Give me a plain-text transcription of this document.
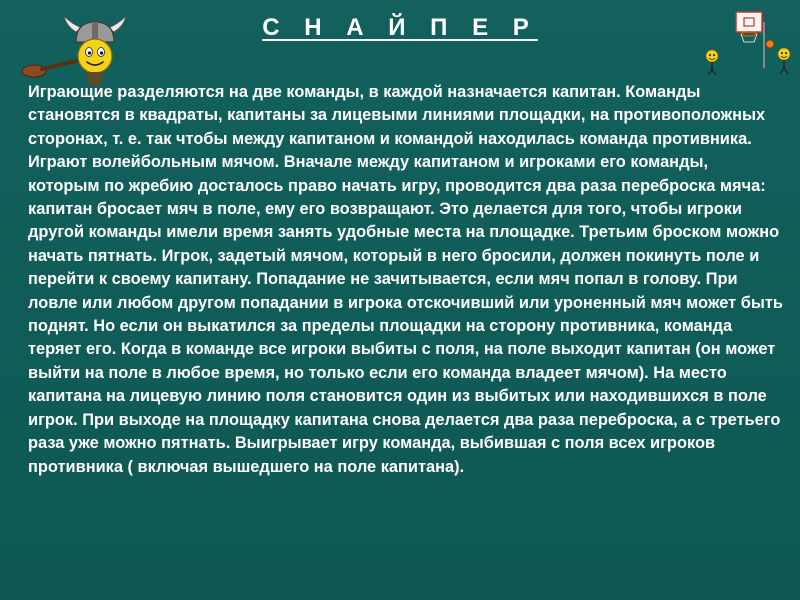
С Н А Й П Е Р

Играющие разделяются на две команды, в каждой назначается капитан. Команды становятся в квадраты, капитаны за лицевыми линиями площадки, на противоположных сторонах, т. е. так чтобы между капитаном и командой находилась команда противника. Играют волейбольным мячом. Вначале между капитаном и игроками его команды, которым по жребию досталось право начать игру, проводится два раза переброска мяча: капитан бросает мяч в поле, ему его возвращают. Это делается для того, чтобы игроки другой команды имели время занять удобные места на площадке. Третьим броском можно начать пятнать. Игрок, задетый мячом, который в него бросили, должен покинуть поле и перейти к своему капитану. Попадание не зачитывается, если мяч попал в голову. При ловле или любом другом попадании в игрока отскочивший или уроненный мяч может быть поднят. Но если он выкатился за пределы площадки на сторону противника, команда теряет его. Когда в команде все игроки выбиты с поля, на поле выходит капитан (он может выйти на поле в любое время, но только если его команда владеет мячом). На место капитана на лицевую линию поля становится один из выбитых или находившихся в поле игрок. При выходе на площадку капитана снова делается два раза переброска, а с третьего раза уже можно пятнать. Выигрывает игру команда, выбившая с поля всех игроков противника ( включая вышедшего на поле капитана).
